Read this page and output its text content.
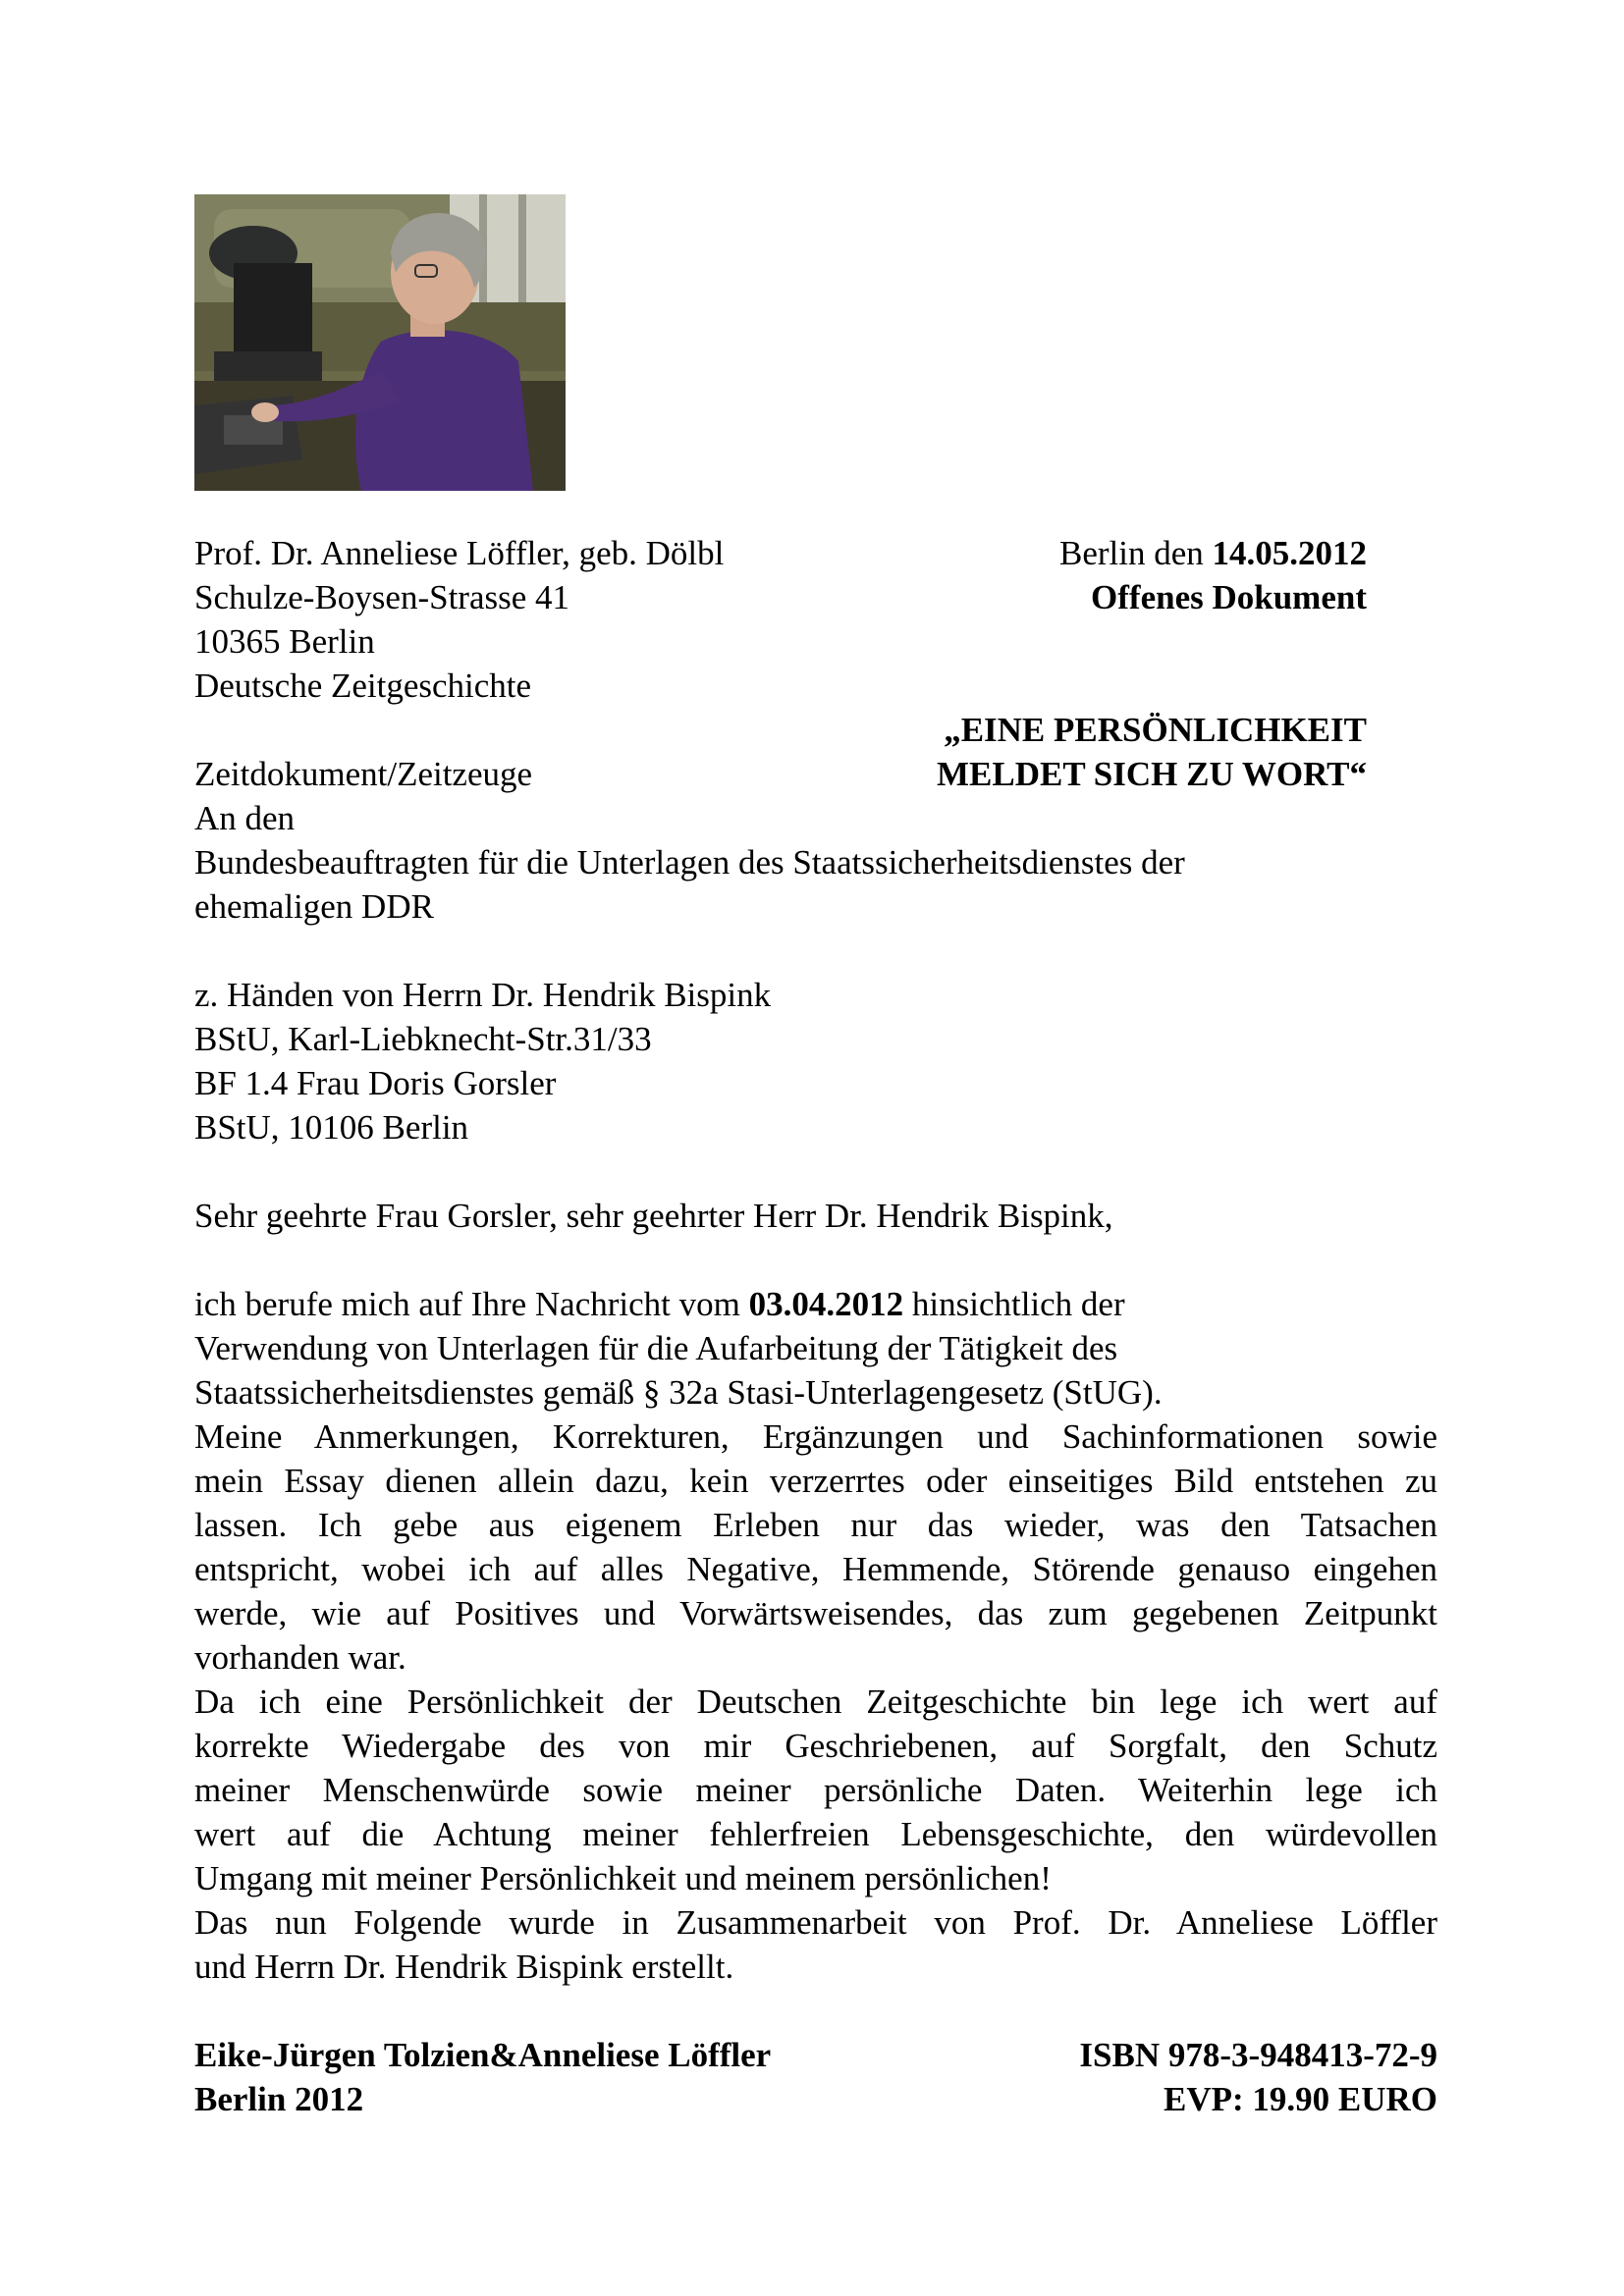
Prof. Dr. Anneliese Löffler, geb. Dölbl
Schulze-Boysen-Strasse 41
10365 Berlin
Deutsche Zeitgeschichte
Zeitdokument/Zeitzeuge
Berlin den 14.05.2012
Offenes Dokument
„EINE PERSÖNLICHKEIT
MELDET SICH ZU WORT“
An den
Bundesbeauftragten für die Unterlagen des Staatssicherheitsdienstes der
ehemaligen DDR
z. Händen von Herrn Dr. Hendrik Bispink
BStU, Karl-Liebknecht-Str.31/33
BF 1.4 Frau Doris Gorsler
BStU, 10106 Berlin
Sehr geehrte Frau Gorsler, sehr geehrter Herr Dr. Hendrik Bispink,
ich berufe mich auf Ihre Nachricht vom 03.04.2012 hinsichtlich der
Verwendung von Unterlagen für die Aufarbeitung der Tätigkeit des
Staatssicherheitsdienstes gemäß § 32a Stasi-Unterlagengesetz (StUG).
Meine Anmerkungen, Korrekturen, Ergänzungen und Sachinformationen sowie
mein Essay dienen allein dazu, kein verzerrtes oder einseitiges Bild entstehen zu
lassen. Ich gebe aus eigenem Erleben nur das wieder, was den Tatsachen
entspricht, wobei ich auf alles Negative, Hemmende, Störende genauso eingehen
werde, wie auf Positives und Vorwärtsweisendes, das zum gegebenen Zeitpunkt
vorhanden war.
Da ich eine Persönlichkeit der Deutschen Zeitgeschichte bin lege ich wert auf
korrekte Wiedergabe des von mir Geschriebenen, auf Sorgfalt, den Schutz
meiner Menschenwürde sowie meiner persönliche Daten. Weiterhin lege ich
wert auf die Achtung meiner fehlerfreien Lebensgeschichte, den würdevollen
Umgang mit meiner Persönlichkeit und meinem persönlichen!
Das nun Folgende wurde in Zusammenarbeit von Prof. Dr. Anneliese Löffler
und Herrn Dr. Hendrik Bispink erstellt.
Eike-Jürgen Tolzien&Anneliese Löffler
Berlin 2012
ISBN 978-3-948413-72-9
EVP: 19.90 EURO
